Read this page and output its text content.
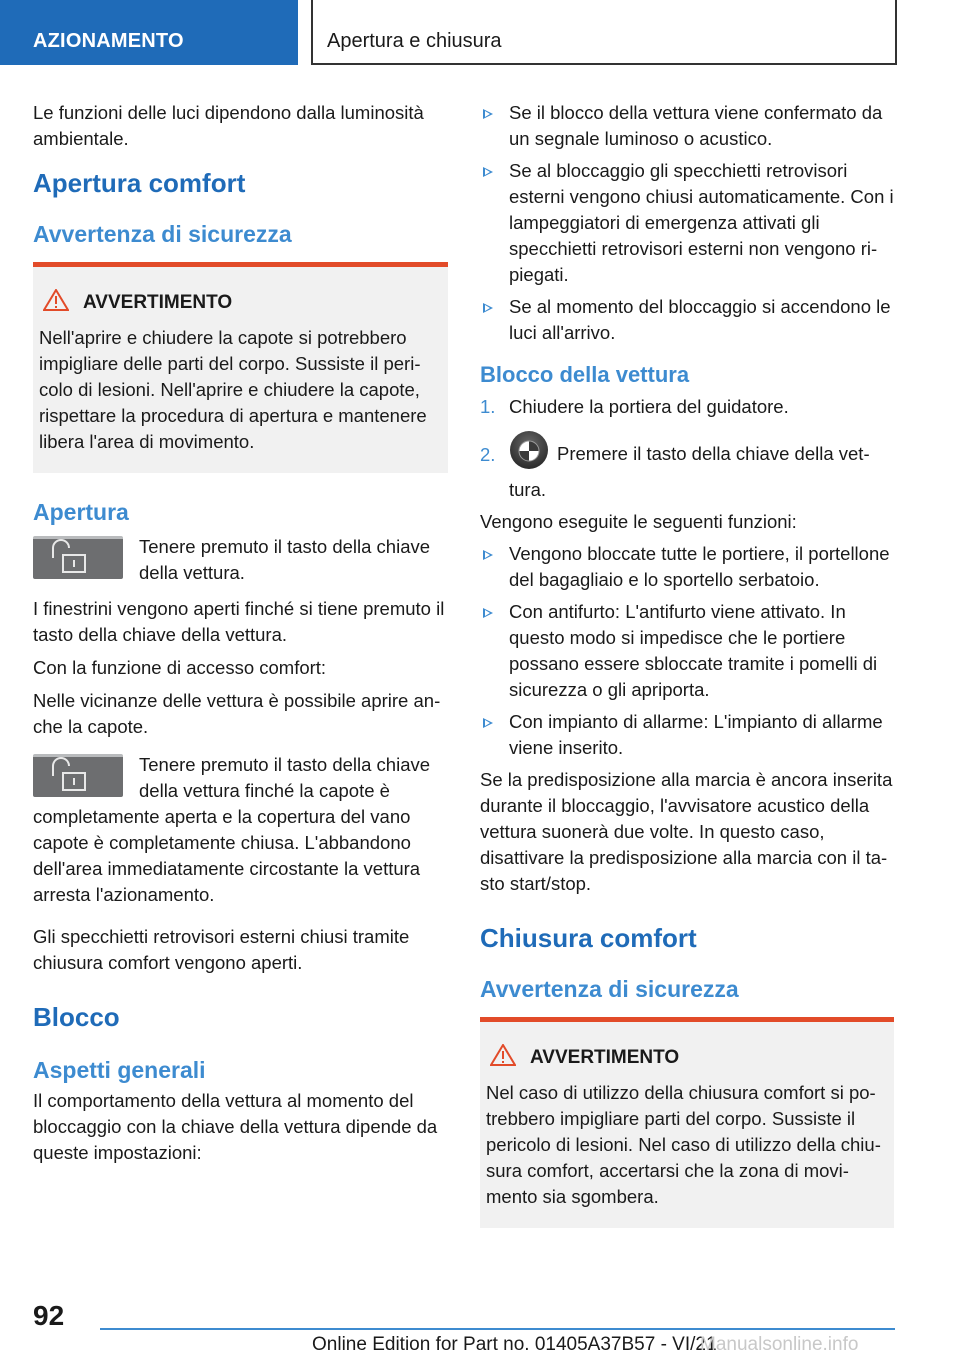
AZIONAMENTO	Apertura e chiusura

Le funzioni delle luci dipendono dalla luminosità ambientale.

Apertura comfort
Avvertenza di sicurezza
AVVERTIMENTO

Nell'aprire e chiudere la capote si potrebbero impigliare delle parti del corpo. Sussiste il pericolo di lesioni. Nell'aprire e chiudere la capote, rispettare la procedura di apertura e mantenere libera l'area di movimento.

Apertura

Tenere premuto il tasto della chiave della vettura.

I finestrini vengono aperti finché si tiene premuto il tasto della chiave della vettura.

Con la funzione di accesso comfort:

Nelle vicinanze delle vettura è possibile aprire anche la capote.

Tenere premuto il tasto della chiave della vettura finché la capote è completamente aperta e la copertura del vano capote è completamente chiusa. L'abbandono dell'area immediatamente circostante la vettura arresta l'azionamento.

Gli specchietti retrovisori esterni chiusi tramite chiusura comfort vengono aperti.

Blocco
Aspetti generali

Il comportamento della vettura al momento del bloccaggio con la chiave della vettura dipende da queste impostazioni:

Se il blocco della vettura viene confermato da un segnale luminoso o acustico.
Se al bloccaggio gli specchietti retrovisori esterni vengono chiusi automaticamente. Con i lampeggiatori di emergenza attivati gli specchietti retrovisori esterni non vengono ripiegati.
Se al momento del bloccaggio si accendono le luci all'arrivo.
Blocco della vettura
1. Chiudere la portiera del guidatore.
2.	Premere il tasto della chiave della vettura.

Vengono eseguite le seguenti funzioni:

Vengono bloccate tutte le portiere, il portellone del bagagliaio e lo sportello serbatoio.
Con antifurto: L'antifurto viene attivato. In questo modo si impedisce che le portiere possano essere sbloccate tramite i pomelli di sicurezza o gli apriporta.
Con impianto di allarme: L'impianto di allarme viene inserito.

Se la predisposizione alla marcia è ancora inserita durante il bloccaggio, l'avvisatore acustico della vettura suonerà due volte. In questo caso, disattivare la predisposizione alla marcia con il tasto start/stop.

Chiusura comfort
Avvertenza di sicurezza
AVVERTIMENTO

Nel caso di utilizzo della chiusura comfort si potrebbero impigliare parti del corpo. Sussiste il pericolo di lesioni. Nel caso di utilizzo della chiusura comfort, accertarsi che la zona di movimento sia sgombera.

92
Online Edition for Part no. 01405A37B57 - VI/21
Manualsonline.info
